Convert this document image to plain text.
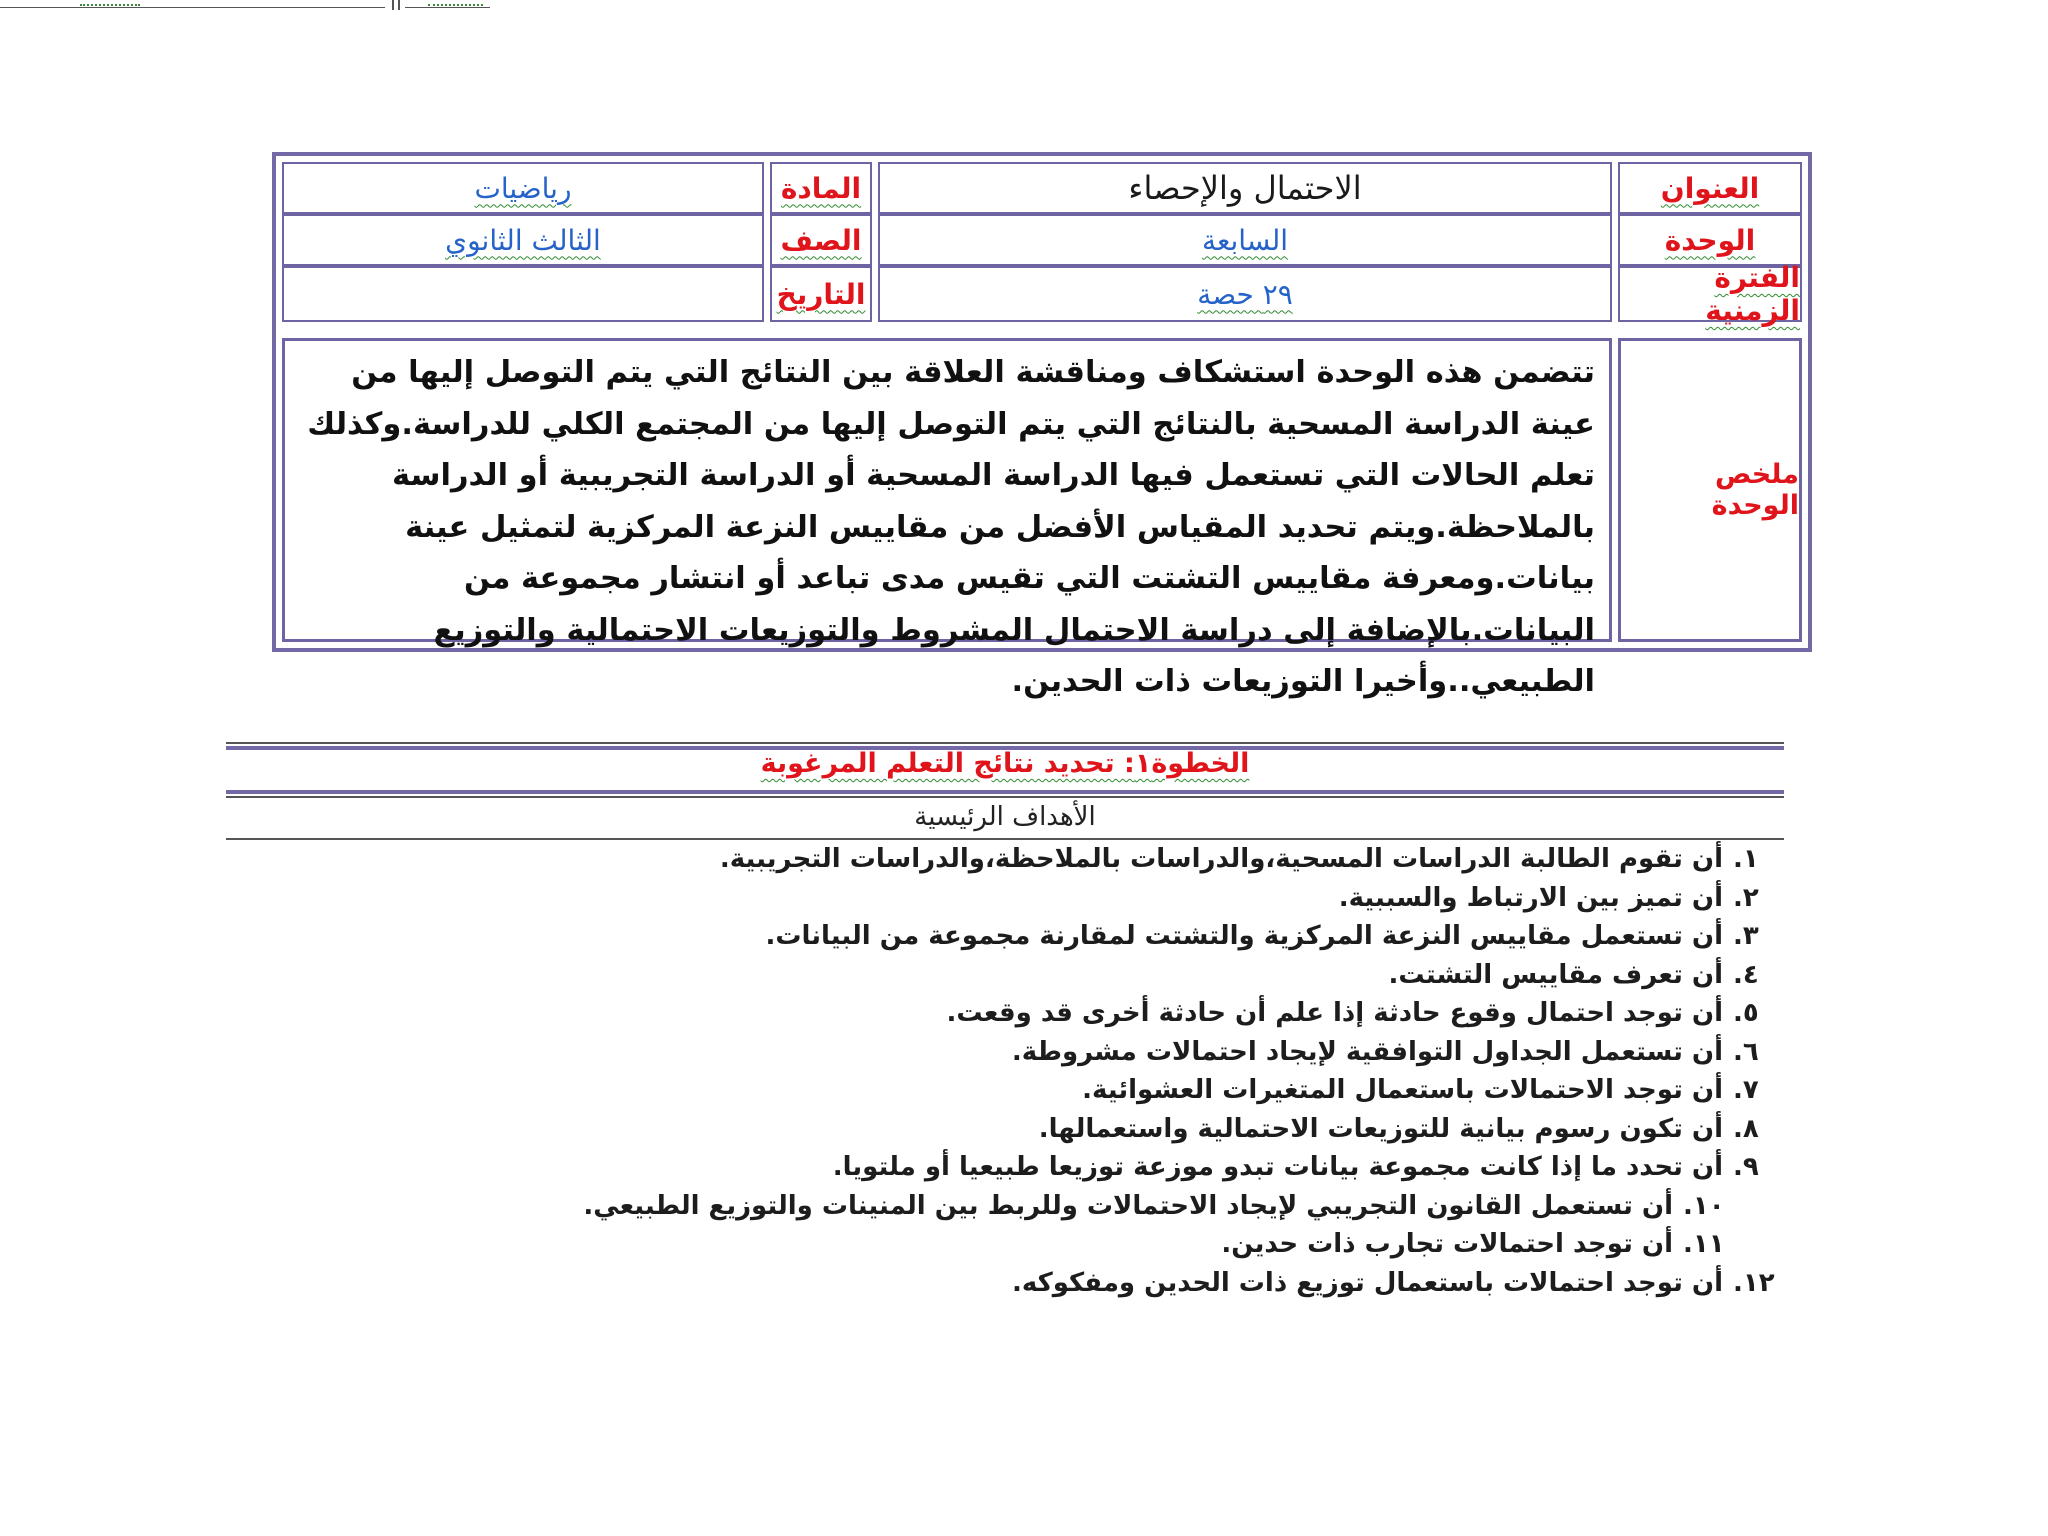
العنوان
الاحتمال والإحصاء
المادة
رياضيات
الوحدة
السابعة
الصف
الثالث الثانوي
الفترة الزمنية
٢٩ حصة
التاريخ
ملخص الوحدة
تتضمن هذه الوحدة استشكاف ومناقشة العلاقة بين النتائج التي يتم التوصل إليها من عينة الدراسة المسحية بالنتائج التي يتم التوصل إليها من المجتمع الكلي للدراسة.وكذلك تعلم الحالات التي تستعمل فيها الدراسة المسحية أو الدراسة التجريبية أو الدراسة بالملاحظة.ويتم تحديد المقياس الأفضل من مقاييس النزعة المركزية لتمثيل عينة بيانات.ومعرفة مقاييس التشتت التي تقيس مدى تباعد أو انتشار مجموعة من البيانات.بالإضافة إلى دراسة الاحتمال المشروط والتوزيعات الاحتمالية والتوزيع الطبيعي..وأخيرا التوزيعات ذات الحدين.
الخطوة١: تحديد نتائج التعلم المرغوبة
الأهداف الرئيسية
١.
أن تقوم الطالبة الدراسات المسحية،والدراسات بالملاحظة،والدراسات التجريبية.
٢.
أن تميز بين الارتباط والسببية.
٣.
أن تستعمل مقاييس النزعة المركزية والتشتت لمقارنة مجموعة من البيانات.
٤.
أن تعرف مقاييس التشتت.
٥.
أن توجد احتمال وقوع حادثة إذا علم أن حادثة أخرى قد وقعت.
٦.
أن تستعمل الجداول التوافقية لإيجاد احتمالات مشروطة.
٧.
أن توجد الاحتمالات باستعمال المتغيرات العشوائية.
٨.
أن تكون رسوم بيانية للتوزيعات الاحتمالية واستعمالها.
٩.
أن تحدد ما إذا كانت مجموعة بيانات تبدو موزعة توزيعا طبيعيا أو ملتويا.
١٠.
أن تستعمل القانون التجريبي لإيجاد الاحتمالات وللربط بين المنينات والتوزيع الطبيعي.
١١.
أن توجد احتمالات تجارب ذات حدين.
١٢.
أن توجد احتمالات باستعمال توزيع ذات الحدين ومفكوكه.
